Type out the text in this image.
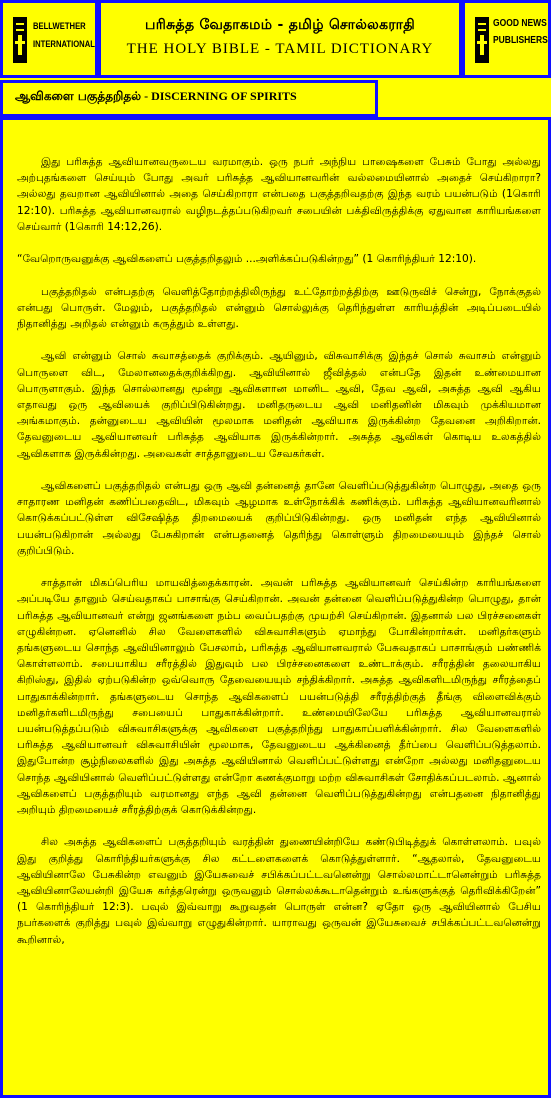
BELLWETHER
INTERNATIONAL
பரிசுத்த வேதாகமம் - தமிழ் சொல்லகராதி
THE HOLY BIBLE - TAMIL DICTIONARY
GOOD NEWS
PUBLISHERS
ஆவிகளை பகுத்தறிதல் - DISCERNING OF SPIRITS

இது பரிசுத்த ஆவியானவருடைய வரமாகும். ஒரு நபர் அந்நிய பாஷைகளை பேசும் போது அல்லது அற்புதங்களை செய்யும் போது அவர் பரிசுத்த ஆவியானவரின் வல்லமையினால் அதைச் செய்கிறாரா? அல்லது தவறான ஆவியினால் அதை செய்கிறாரா என்பதை பகுத்தறிவதற்கு இந்த வரம் பயன்படும் (1கொரி 12:10). பரிசுத்த ஆவியானவரால் வழிநடத்தப்படுகிறவர் சபையின் பக்திவிருத்திக்கு ஏதுவான காரியங்களை செய்வார் (1கொரி 14:12,26).

“வேறொருவனுக்கு ஆவிகளைப் பகுத்தறிதலும் ...அளிக்கப்படுகின்றது” (1 கொரிந்தியர் 12:10).

பகுத்தறிதல் என்பதற்கு வெளித்தோற்றத்திலிருந்து உட்தோற்றத்திற்கு ஊடுருவிச் சென்று, நோக்குதல் என்பது பொருள். மேலும், பகுத்தறிதல் என்னும் சொல்லுக்கு தெரிந்துள்ள காரியத்தின் அடிப்படையில் நிதானித்து அறிதல் என்னும் கருத்தும் உள்ளது.

ஆவி என்னும் சொல் சுவாசத்தைக் குறிக்கும். ஆயினும், விசுவாசிக்கு இந்தச் சொல் சுவாசம் என்னும் பொருளை விட, மேலானதைக்குறிக்கிறது. ஆவியினால் ஜீவித்தல் என்பதே இதன் உண்மையான பொருளாகும். இந்த சொல்லானது மூன்று ஆவிகளான மானிட ஆவி, தேவ ஆவி, அசுத்த ஆவி ஆகிய எதாவது ஒரு ஆவியைக் குறிப்பிடுகின்றது. மனிதருடைய ஆவி மனிதனின் மிகவும் முக்கியமான அங்கமாகும். தன்னுடைய ஆவியின் மூலமாக மனிதன் ஆவியாக இருக்கின்ற தேவனை அறிகிறான். தேவனுடைய ஆவியானவர் பரிசுத்த ஆவியாக இருக்கின்றார். அசுத்த ஆவிகள் கொடிய உலகத்தில் ஆவிகளாக இருக்கின்றது. அவைகள் சாத்தானுடைய சேவகர்கள்.

ஆவிகளைப் பகுத்தறிதல் என்பது ஒரு ஆவி தன்னைத் தானே வெளிப்படுத்துகின்ற பொழுது, அதை ஒரு சாதாரண மனிதன் கணிப்பதைவிட, மிகவும் ஆழமாக உள்நோக்கிக் கணிக்கும். பரிசுத்த ஆவியானவரினால் கொடுக்கப்பட்டுள்ள விசேஷித்த திறமையைக் குறிப்பிடுகின்றது. ஒரு மனிதன் எந்த ஆவியினால் பயன்படுகிறான் அல்லது பேசுகிறான் என்பதனைத் தெரிந்து கொள்ளும் திறமையையும் இந்தச் சொல் குறிப்பிடும்.

சாத்தான் மிகப்பெரிய மாயவித்தைக்காரன். அவன் பரிசுத்த ஆவியானவர் செய்கின்ற காரியங்களை அப்படியே தானும் செய்வதாகப் பாசாங்கு செய்கிறான். அவன் தன்னை வெளிப்படுத்துகின்ற பொழுது, தான் பரிசுத்த ஆவியானவர் என்று ஜனங்களை நம்ப வைப்பதற்கு முயற்சி செய்கிறான். இதனால் பல பிரச்சனைகள் எழுகின்றன. ஏனெனில் சில வேளைகளில் விசுவாசிகளும் ஏமாந்து போகின்றார்கள். மனிதர்களும் தங்களுடைய சொந்த ஆவியினாலும் பேசலாம், பரிசுத்த ஆவியானவரால் பேசுவதாகப் பாசாங்கும் பண்ணிக் கொள்ளலாம். சபையாகிய சரீரத்தில் இதுவும் பல பிரச்சனைகளை உண்டாக்கும். சரீரத்தின் தலையாகிய கிறிஸ்து, இதில் ஏற்படுகின்ற ஒவ்வொரு தேவையையும் சந்திக்கிறார். அசுத்த ஆவிகளிடமிருந்து சரீரத்தைப் பாதுகாக்கின்றார். தங்களுடைய சொந்த ஆவிகளைப் பயன்படுத்தி சரீரத்திற்குத் தீங்கு விளைவிக்கும் மனிதர்களிடமிருந்து சபையைப் பாதுகாக்கின்றார். உண்மையிலேயே பரிசுத்த ஆவியானவரால் பயன்படுத்தப்படும் விசுவாசிகளுக்கு ஆவிகளை பகுத்தறிந்து பாதுகாப்பளிக்கின்றார். சில வேளைகளில் பரிசுத்த ஆவியானவர் விசுவாசியின் மூலமாக, தேவனுடைய ஆக்கினைத் தீர்ப்பை வெளிப்படுத்தலாம். இதுபோன்ற சூழ்நிலைகளில் இது அசுத்த ஆவியினால் வெளிப்பட்டுள்ளது என்றோ அல்லது மனிதனுடைய சொந்த ஆவியினால் வெளிப்பட்டுள்ளது என்றோ கணக்குமாறு மற்ற விசுவாசிகள் சோதிக்கப்படலாம். ஆனால் ஆவிகளைப் பகுத்தறியும் வரமானது எந்த ஆவி தன்னை வெளிப்படுத்துகின்றது என்பதனை நிதானித்து அறியும் திறமையைச் சரீரத்திற்குக் கொடுக்கின்றது.

சில அசுத்த ஆவிகளைப் பகுத்தறியும் வரத்தின் துணையின்றியே கண்டுபிடித்துக் கொள்ளலாம். பவுல் இது குறித்து கொரிந்தியர்களுக்கு சில கட்டளைகளைக் கொடுத்துள்ளார். “ஆதலால், தேவனுடைய ஆவியினாலே பேசுகின்ற எவனும் இயேசுவைச் சபிக்கப்பட்டவனென்று சொல்லமாட்டானென்றும் பரிசுத்த ஆவியினாலேயன்றி இயேசு கர்த்தரென்று ஒருவனும் சொல்லக்கூடாதென்றும் உங்களுக்குத் தெரிவிக்கிறேன்” (1 கொரிந்தியர் 12:3). பவுல் இவ்வாறு கூறுவதன் பொருள் என்ன? ஏதோ ஒரு ஆவியினால் பேசிய நபர்களைக் குறித்து பவுல் இவ்வாறு எழுதுகின்றார். யாராவது ஒருவன் இயேசுவைச் சபிக்கப்பட்டவனென்று கூறினால்,
